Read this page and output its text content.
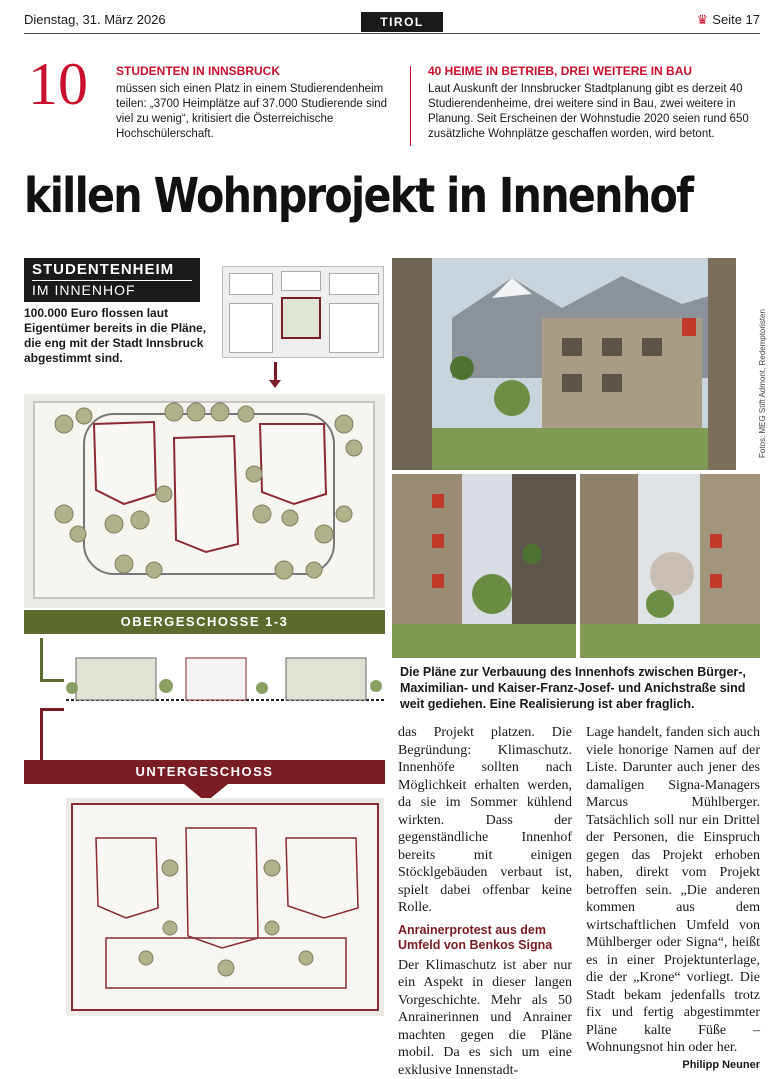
Dienstag, 31. März 2026	TIROL	♛ Seite 17
10 STUDENTEN IN INNSBRUCK
müssen sich einen Platz in einem Studierendenheim teilen: „3700 Heimplätze auf 37.000 Studierende sind viel zu wenig“, kritisiert die Österreichische Hochschülerschaft.
40 HEIME IN BETRIEB, DREI WEITERE IN BAU
Laut Auskunft der Innsbrucker Stadtplanung gibt es derzeit 40 Studierendenheime, drei weitere sind in Bau, zwei weitere in Planung. Seit Erscheinen der Wohnstudie 2020 seien rund 650 zusätzliche Wohnplätze geschaffen worden, wird betont.
killen Wohnprojekt in Innenhof
STUDENTENHEIM
IM INNENHOF
100.000 Euro flossen laut Eigentümer bereits in die Pläne, die eng mit der Stadt Innsbruck abgestimmt sind.
OBERGESCHOSSE 1-3
UNTERGESCHOSS
Fotos: MEG Stift Admont, Redemptoristen
Die Pläne zur Verbauung des Innenhofs zwischen Bürger-, Maximilian- und Kaiser-Franz-Josef- und Anichstraße sind weit gediehen. Eine Realisierung ist aber fraglich.

das Projekt platzen. Die Begründung: Klimaschutz. Innenhöfe sollten nach Möglichkeit erhalten werden, da sie im Sommer kühlend wirkten. Dass der gegenständliche Innenhof bereits mit einigen Stöcklgebäuden verbaut ist, spielt dabei offenbar keine Rolle.

Anrainerprotest aus dem Umfeld von Benkos Signa

Der Klimaschutz ist aber nur ein Aspekt in dieser langen Vorgeschichte. Mehr als 50 Anrainerinnen und Anrainer machten gegen die Pläne mobil. Da es sich um eine exklusive Innenstadt-

Lage handelt, fanden sich auch viele honorige Namen auf der Liste. Darunter auch jener des damaligen Signa-Managers Marcus Mühlberger. Tatsächlich soll nur ein Drittel der Personen, die Einspruch gegen das Projekt erhoben haben, direkt vom Projekt betroffen sein. „Die anderen kommen aus dem wirtschaftlichen Umfeld von Mühlberger oder Signa“, heißt es in einer Projektunterlage, die der „Krone“ vorliegt. Die Stadt bekam jedenfalls trotz fix und fertig abgestimmter Pläne kalte Füße – Wohnungsnot hin oder her.
Philipp Neuner
